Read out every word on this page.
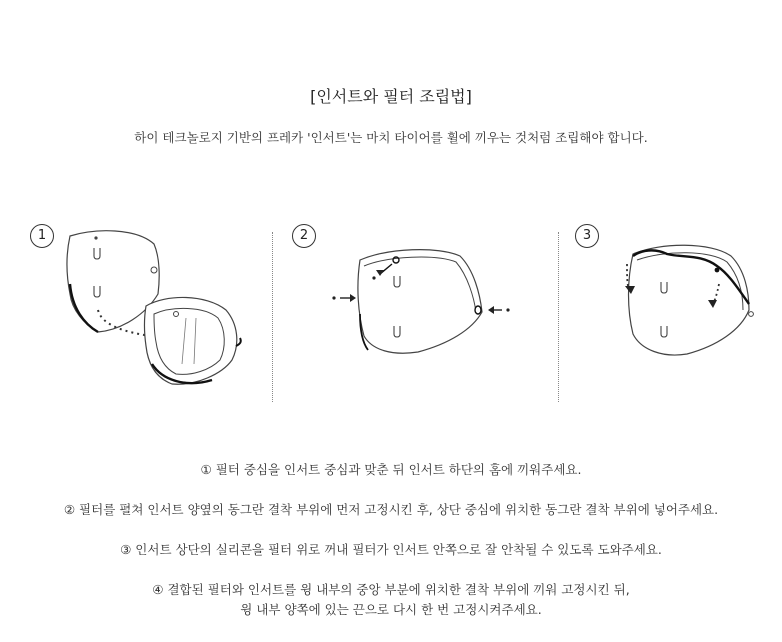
[인서트와 필터 조립법]
하이 테크놀로지 기반의 프레카 '인서트'는 마치 타이어를 휠에 끼우는 것처럼 조립해야 합니다.
1	2	3
① 필터 중심을 인서트 중심과 맞춘 뒤 인서트 하단의 홈에 끼워주세요.
② 필터를 펼쳐 인서트 양옆의 동그란 결착 부위에 먼저 고정시킨 후, 상단 중심에 위치한 동그란 결착 부위에 넣어주세요.
③ 인서트 상단의 실리콘을 필터 위로 꺼내 필터가 인서트 안쪽으로 잘 안착될 수 있도록 도와주세요.
④ 결합된 필터와 인서트를 윙 내부의 중앙 부분에 위치한 결착 부위에 끼워 고정시킨 뒤,
윙 내부 양쪽에 있는 끈으로 다시 한 번 고정시켜주세요.
